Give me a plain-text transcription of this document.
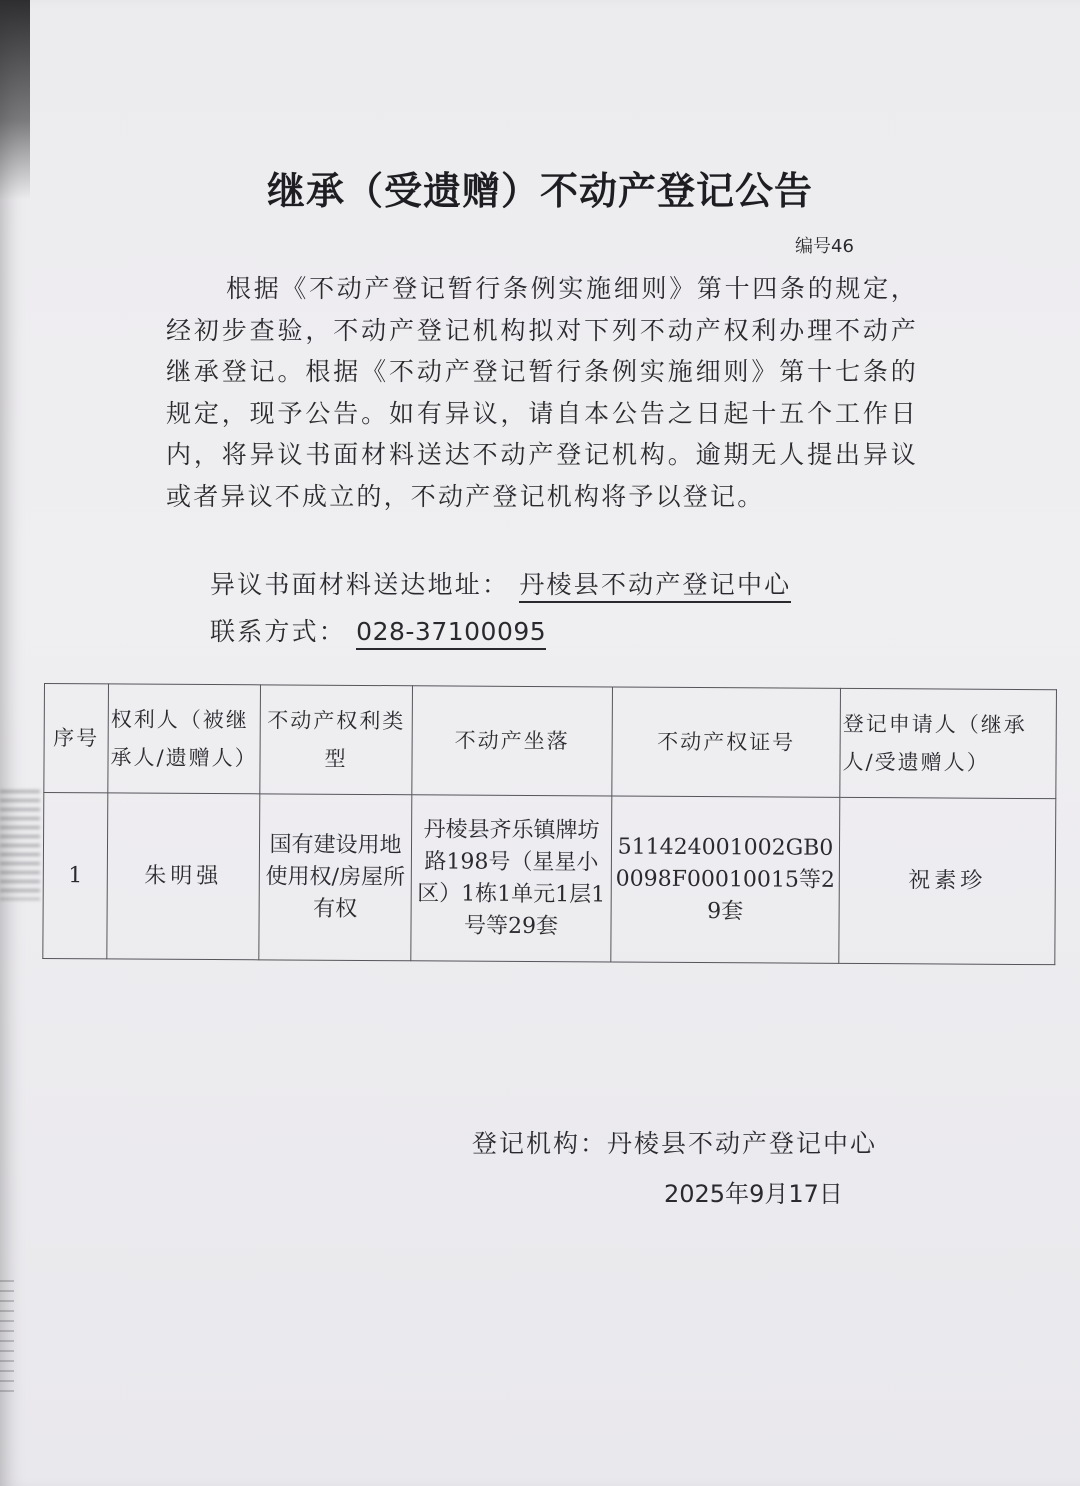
继承（受遗赠）不动产登记公告
编号46
根据《不动产登记暂行条例实施细则》第十四条的规定，经初步查验，不动产登记机构拟对下列不动产权利办理不动产继承登记。根据《不动产登记暂行条例实施细则》第十七条的规定，现予公告。如有异议，请自本公告之日起十五个工作日内，将异议书面材料送达不动产登记机构。逾期无人提出异议或者异议不成立的，不动产登记机构将予以登记。
异议书面材料送达地址： 丹棱县不动产登记中心
联系方式： 028-37100095
序号	权利人（被继承人/遗赠人）	不动产权利类型	不动产坐落	不动产权证号	登记申请人（继承人/受遗赠人）
1	朱明强	国有建设用地使用权/房屋所有权	丹棱县齐乐镇牌坊路198号（星星小区）1栋1单元1层1号等29套	511424001002GB00098F00010015等29套	祝素珍
登记机构：丹棱县不动产登记中心
2025年9月17日
